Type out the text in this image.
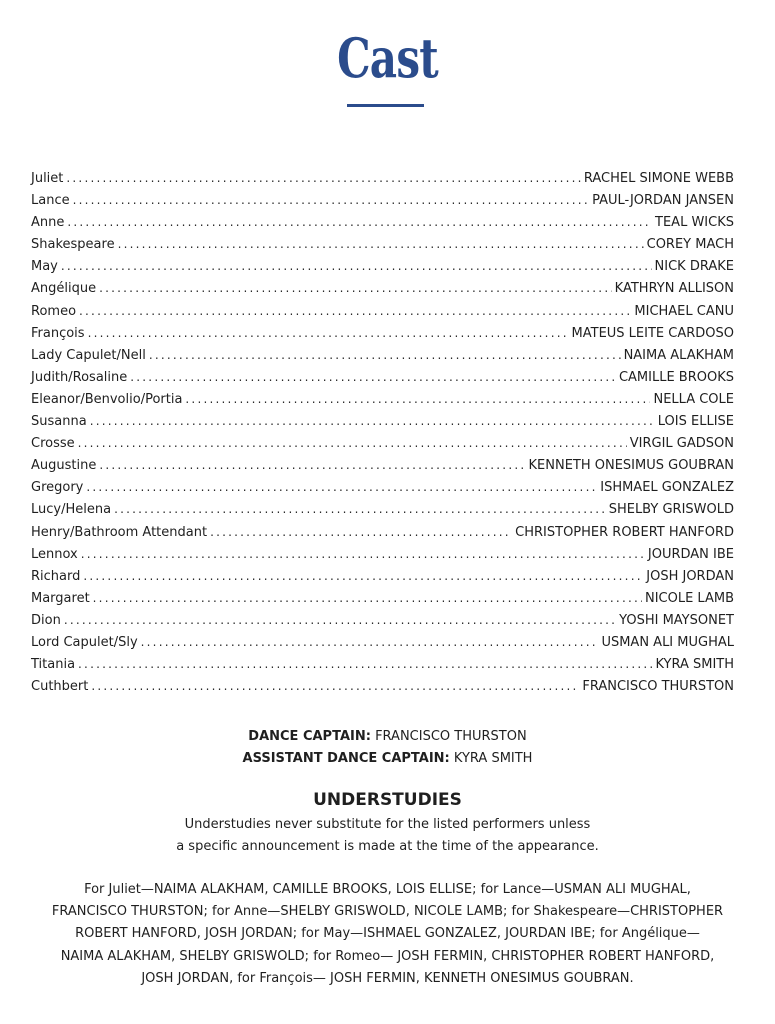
Cast
Juliet .....	RACHEL SIMONE WEBB
Lance .....	PAUL-JORDAN JANSEN
Anne .....	TEAL WICKS
Shakespeare .....	COREY MACH
May .....	NICK DRAKE
Angélique .....	KATHRYN ALLISON
Romeo .....	MICHAEL CANU
François .....	MATEUS LEITE CARDOSO
Lady Capulet/Nell .....	NAIMA ALAKHAM
Judith/Rosaline .....	CAMILLE BROOKS
Eleanor/Benvolio/Portia .....	NELLA COLE
Susanna .....	LOIS ELLISE
Crosse .....	VIRGIL GADSON
Augustine .....	KENNETH ONESIMUS GOUBRAN
Gregory .....	ISHMAEL GONZALEZ
Lucy/Helena .....	SHELBY GRISWOLD
Henry/Bathroom Attendant .....	CHRISTOPHER ROBERT HANFORD
Lennox .....	JOURDAN IBE
Richard .....	JOSH JORDAN
Margaret .....	NICOLE LAMB
Dion .....	YOSHI MAYSONET
Lord Capulet/Sly .....	USMAN ALI MUGHAL
Titania .....	KYRA SMITH
Cuthbert .....	FRANCISCO THURSTON
DANCE CAPTAIN: FRANCISCO THURSTON
ASSISTANT DANCE CAPTAIN: KYRA SMITH
UNDERSTUDIES
Understudies never substitute for the listed performers unless
a specific announcement is made at the time of the appearance.
For Juliet—NAIMA ALAKHAM, CAMILLE BROOKS, LOIS ELLISE; for Lance—USMAN ALI MUGHAL,
FRANCISCO THURSTON; for Anne—SHELBY GRISWOLD, NICOLE LAMB; for Shakespeare—CHRISTOPHER
ROBERT HANFORD, JOSH JORDAN; for May—ISHMAEL GONZALEZ, JOURDAN IBE; for Angélique—
NAIMA ALAKHAM, SHELBY GRISWOLD; for Romeo— JOSH FERMIN, CHRISTOPHER ROBERT HANFORD,
JOSH JORDAN, for François— JOSH FERMIN, KENNETH ONESIMUS GOUBRAN.
